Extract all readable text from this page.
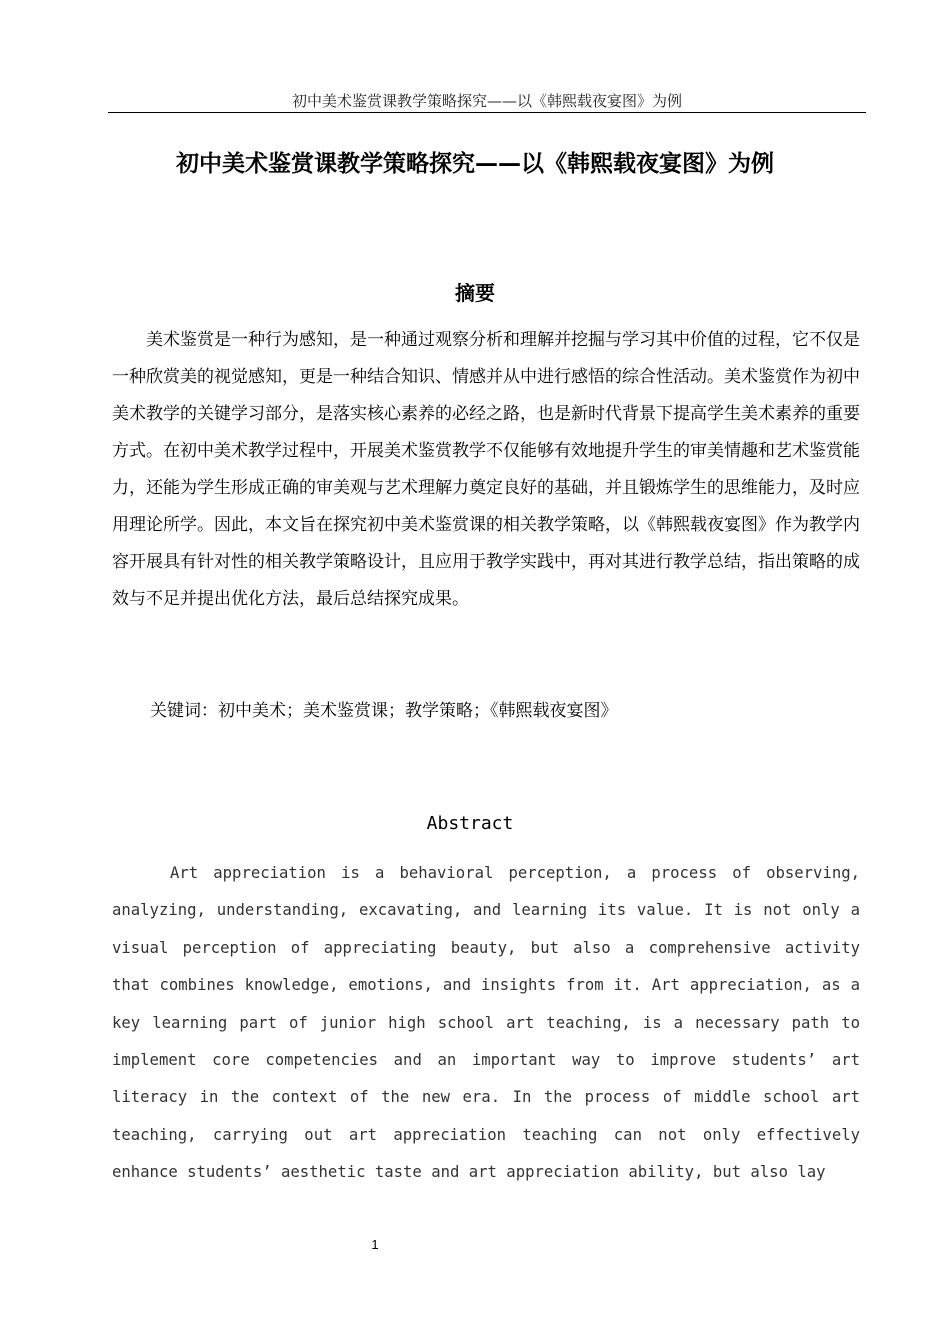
初中美术鉴赏课教学策略探究——以《韩熙载夜宴图》为例
初中美术鉴赏课教学策略探究——以《韩熙载夜宴图》为例
摘要

美术鉴赏是一种行为感知，是一种通过观察分析和理解并挖掘与学习其中价值的过程，它不仅是一种欣赏美的视觉感知，更是一种结合知识、情感并从中进行感悟的综合性活动。美术鉴赏作为初中美术教学的关键学习部分，是落实核心素养的必经之路，也是新时代背景下提高学生美术素养的重要方式。在初中美术教学过程中，开展美术鉴赏教学不仅能够有效地提升学生的审美情趣和艺术鉴赏能力，还能为学生形成正确的审美观与艺术理解力奠定良好的基础，并且锻炼学生的思维能力，及时应用理论所学。因此，本文旨在探究初中美术鉴赏课的相关教学策略，以《韩熙载夜宴图》作为教学内容开展具有针对性的相关教学策略设计，且应用于教学实践中，再对其进行教学总结，指出策略的成效与不足并提出优化方法，最后总结探究成果。

关键词：初中美术；美术鉴赏课；教学策略；《韩熙载夜宴图》

Abstract

Art appreciation is a behavioral perception, a process of observing, analyzing, understanding, excavating, and learning its value. It is not only a visual perception of appreciating beauty, but also a comprehensive activity that combines knowledge, emotions, and insights from it. Art appreciation, as a key learning part of junior high school art teaching, is a necessary path to implement core competencies and an important way to improve students’ art literacy in the context of the new era. In the process of middle school art teaching, carrying out art appreciation teaching can not only effectively enhance students’ aesthetic taste and art appreciation ability, but also lay

1
